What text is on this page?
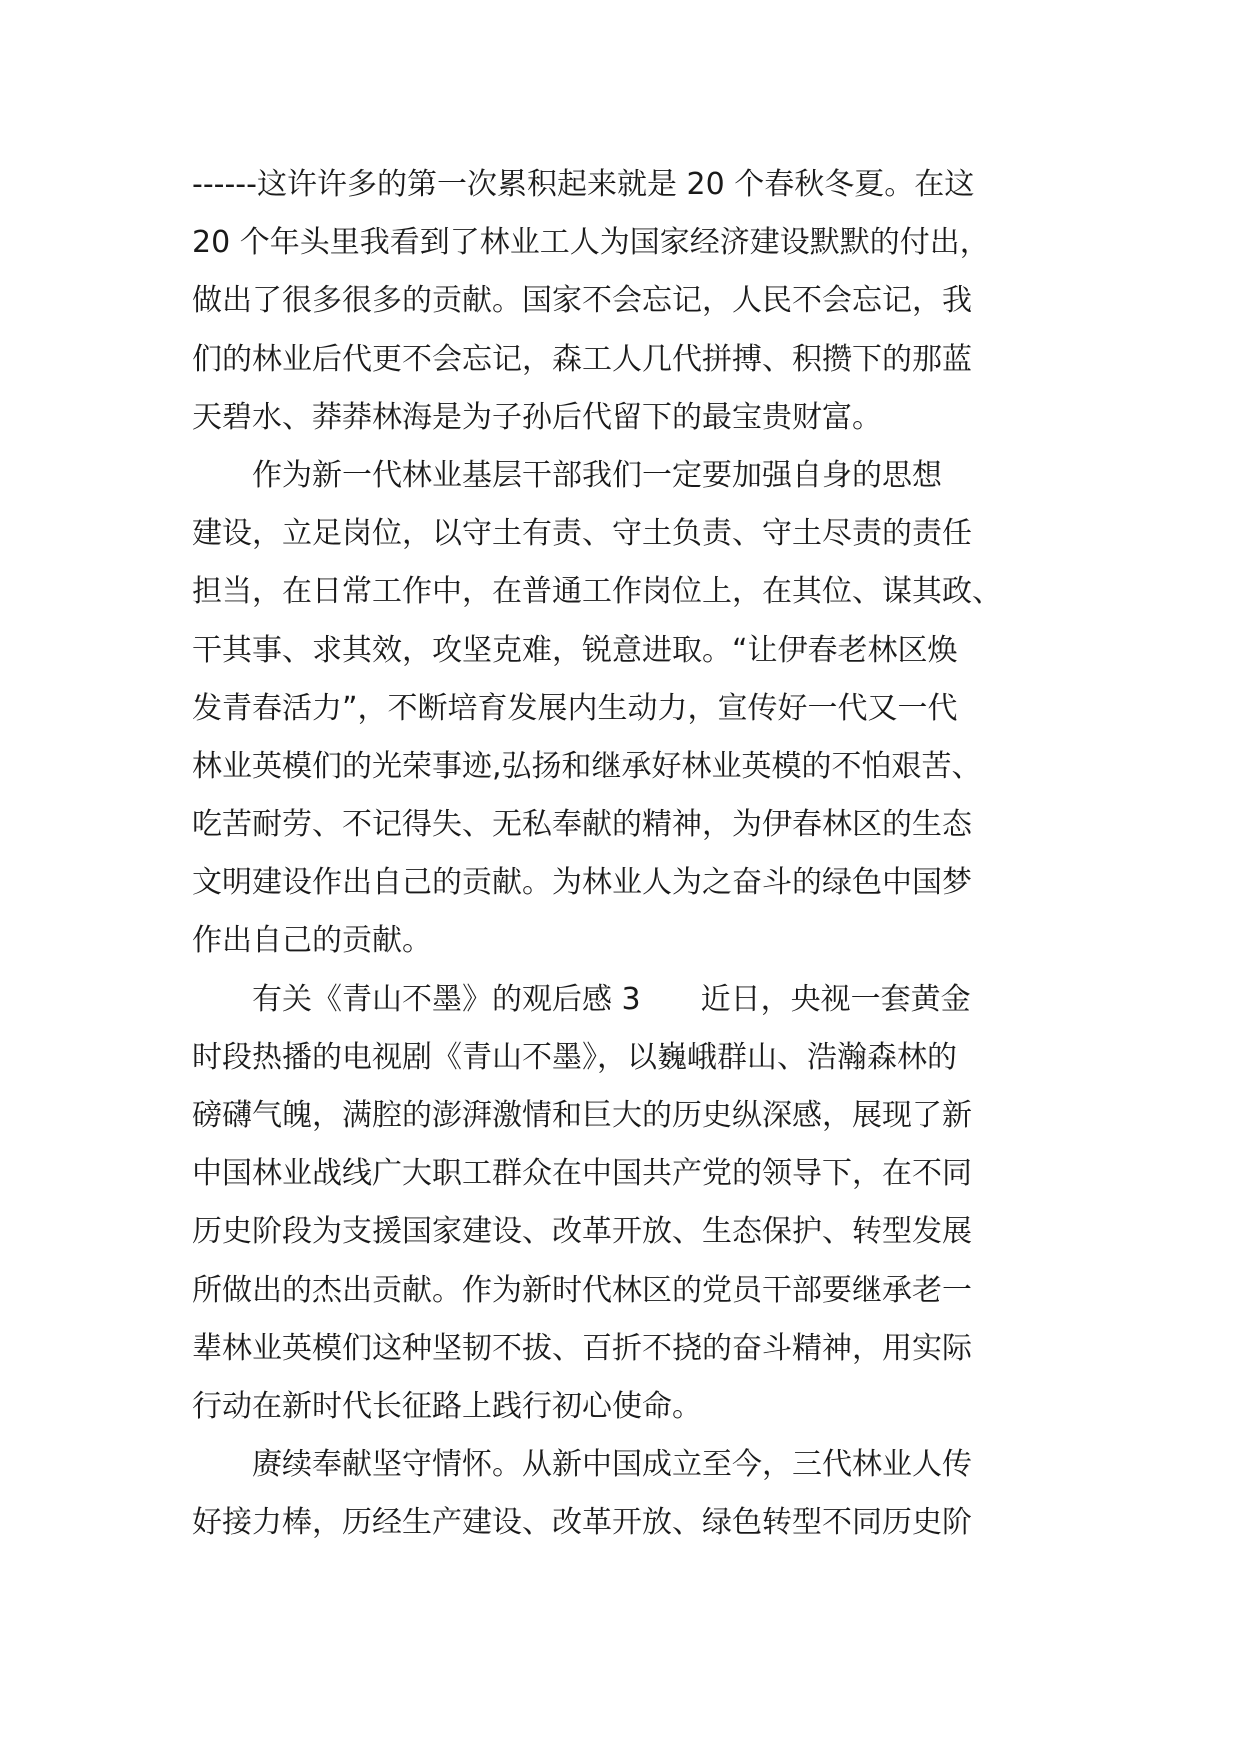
------这许许多的第一次累积起来就是 20 个春秋冬夏。在这
20 个年头里我看到了林业工人为国家经济建设默默的付出，
做出了很多很多的贡献。国家不会忘记，人民不会忘记，我
们的林业后代更不会忘记，森工人几代拼搏、积攒下的那蓝
天碧水、莽莽林海是为子孙后代留下的最宝贵财富。
　　作为新一代林业基层干部我们一定要加强自身的思想
建设，立足岗位，以守土有责、守土负责、守土尽责的责任
担当，在日常工作中，在普通工作岗位上，在其位、谋其政、
干其事、求其效，攻坚克难，锐意进取。“让伊春老林区焕
发青春活力”，不断培育发展内生动力，宣传好一代又一代
林业英模们的光荣事迹,弘扬和继承好林业英模的不怕艰苦、
吃苦耐劳、不记得失、无私奉献的精神，为伊春林区的生态
文明建设作出自己的贡献。为林业人为之奋斗的绿色中国梦
作出自己的贡献。
　　有关《青山不墨》的观后感 3　　近日，央视一套黄金
时段热播的电视剧《青山不墨》，以巍峨群山、浩瀚森林的
磅礴气魄，满腔的澎湃激情和巨大的历史纵深感，展现了新
中国林业战线广大职工群众在中国共产党的领导下，在不同
历史阶段为支援国家建设、改革开放、生态保护、转型发展
所做出的杰出贡献。作为新时代林区的党员干部要继承老一
辈林业英模们这种坚韧不拔、百折不挠的奋斗精神，用实际
行动在新时代长征路上践行初心使命。
　　赓续奉献坚守情怀。从新中国成立至今，三代林业人传
好接力棒，历经生产建设、改革开放、绿色转型不同历史阶
